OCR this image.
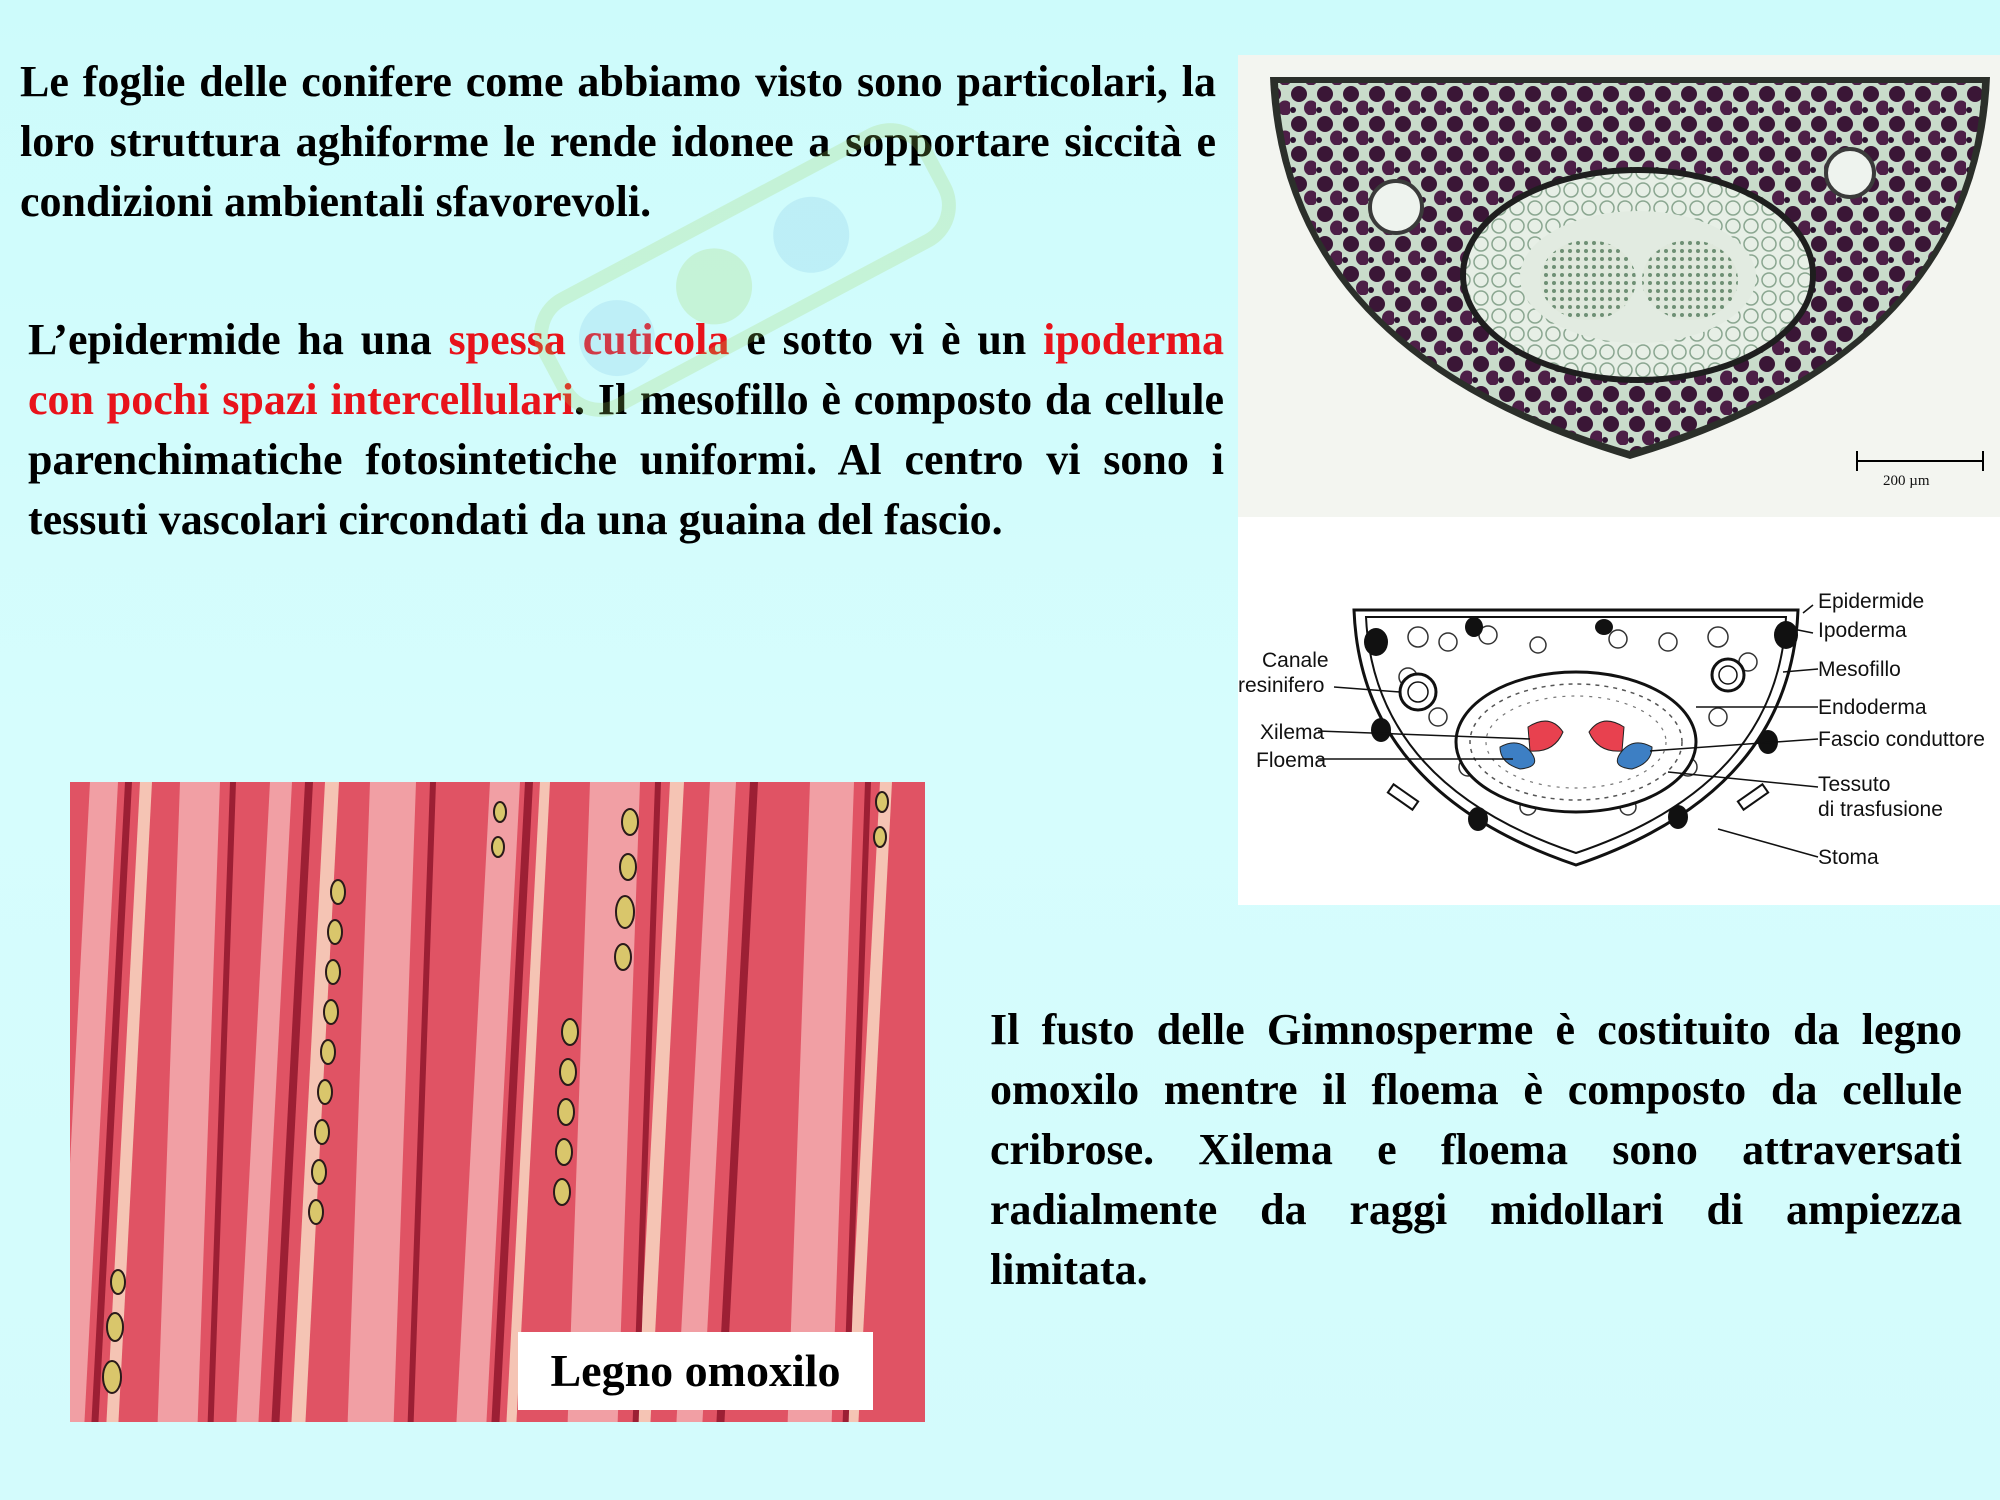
Le foglie delle conifere come abbiamo visto sono particolari, la loro struttura aghiforme le rende idonee a sopportare siccità e condizioni ambientali sfavorevoli.
L’epidermide ha una spessa cuticola e sotto vi è un ipoderma con pochi spazi intercellulari. Il mesofillo è composto da cellule parenchimatiche fotosintetiche uniformi. Al centro vi sono i tessuti vascolari circondati da una guaina del fascio.
Il fusto delle Gimnosperme è costituito da legno omoxilo mentre il floema è composto da cellule cribrose. Xilema e floema sono attraversati radialmente da raggi midollari di ampiezza limitata.
200 µm
Canale
resinifero
Xilema
Floema
Epidermide
Ipoderma
Mesofillo
Endoderma
Fascio conduttore
Tessuto
di trasfusione
Stoma
Legno omoxilo
